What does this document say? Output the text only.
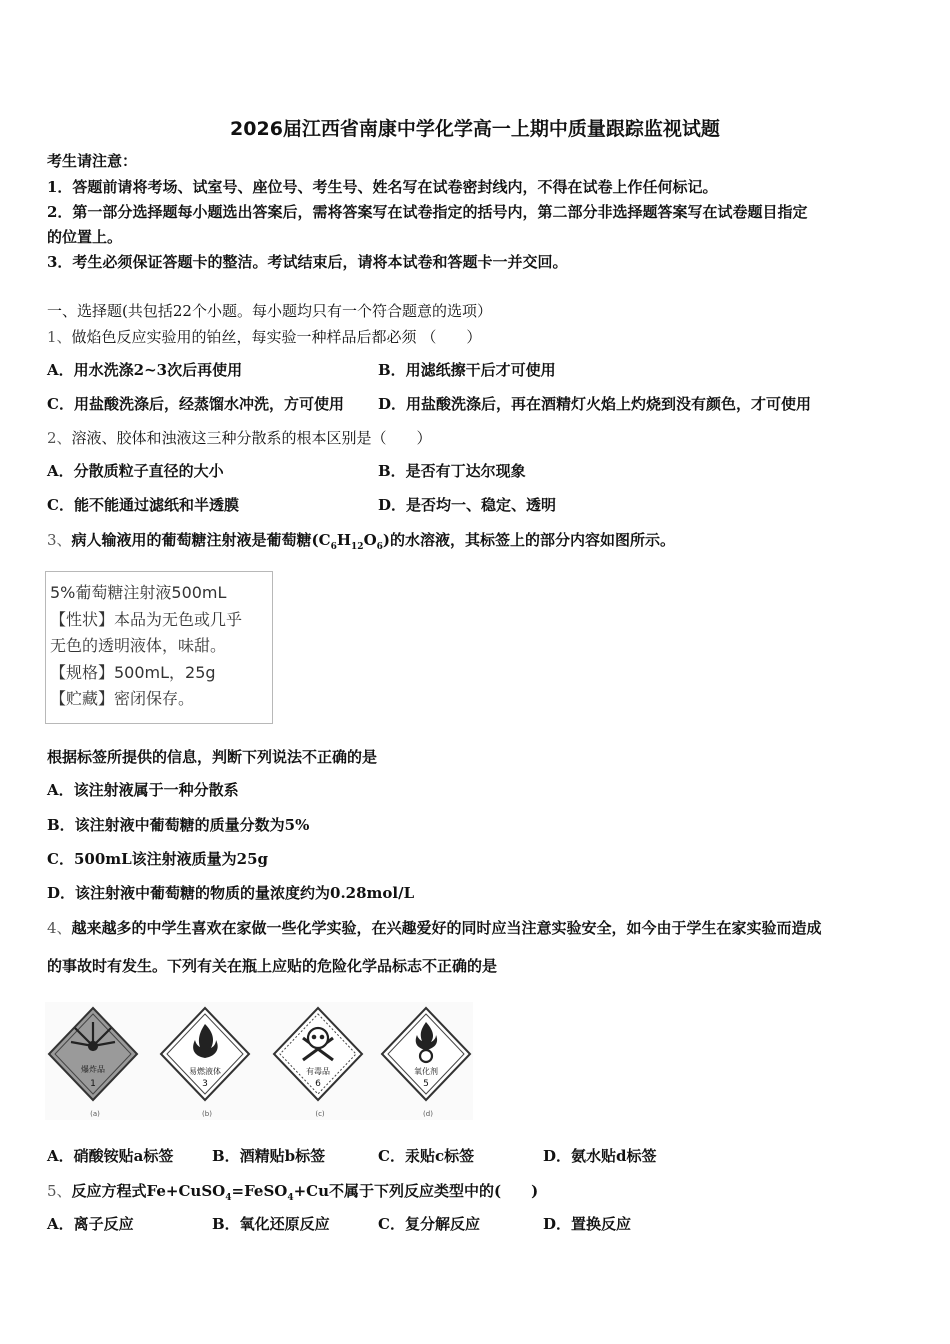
2026届江西省南康中学化学高一上期中质量跟踪监视试题
考生请注意：
1．答题前请将考场、试室号、座位号、考生号、姓名写在试卷密封线内，不得在试卷上作任何标记。
2．第一部分选择题每小题选出答案后，需将答案写在试卷指定的括号内，第二部分非选择题答案写在试卷题目指定
的位置上。
3．考生必须保证答题卡的整洁。考试结束后，请将本试卷和答题卡一并交回。
一、选择题(共包括22个小题。每小题均只有一个符合题意的选项）
1、做焰色反应实验用的铂丝，每实验一种样品后都必须 （　　）
A．用水洗涤2~3次后再使用	B．用滤纸擦干后才可使用
C．用盐酸洗涤后，经蒸馏水冲洗，方可使用 D．用盐酸洗涤后，再在酒精灯火焰上灼烧到没有颜色，才可使用
2、溶液、胶体和浊液这三种分散系的根本区别是（　　）
A．分散质粒子直径的大小	B．是否有丁达尔现象
C．能不能通过滤纸和半透膜	D．是否均一、稳定、透明
3、病人输液用的葡萄糖注射液是葡萄糖$(C_6H_{12}O_6)$的水溶液，其标签上的部分内容如图所示。
5%葡萄糖注射液500mL
【性状】本品为无色或几乎
无色的透明液体，味甜。
【规格】500mL，25g
【贮藏】密闭保存。
根据标签所提供的信息，判断下列说法不正确的是
A．该注射液属于一种分散系
B．该注射液中葡萄糖的质量分数为5%
C．500mL该注射液质量为25g
D．该注射液中葡萄糖的物质的量浓度约为0.28mol/L
4、越来越多的中学生喜欢在家做一些化学实验，在兴趣爱好的同时应当注意实验安全，如今由于学生在家实验而造成
的事故时有发生。下列有关在瓶上应贴的危险化学品标志不正确的是
爆炸品
1
(a)
易燃液体
3
(b)
有毒品
6
(c)
氧化剂
5
(d)
A．硝酸铵贴a标签	B．酒精贴b标签	C．汞贴c标签	D．氨水贴d标签
5、反应方程式Fe+CuSO$_4$=FeSO$_4$+Cu不属于下列反应类型中的(　　)
A．离子反应	B．氧化还原反应	C．复分解反应	D．置换反应
